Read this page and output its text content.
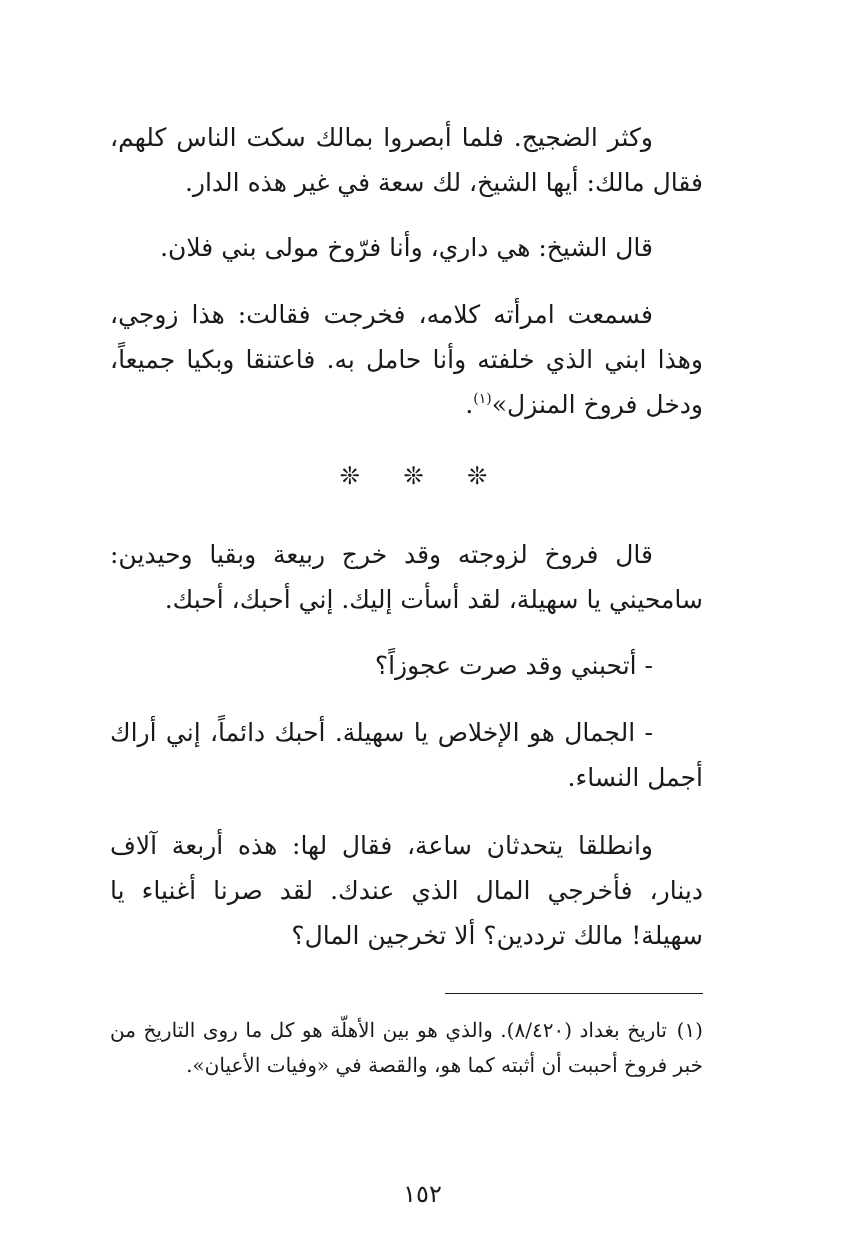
وكثر الضجيج. فلما أبصروا بمالك سكت الناس كلهم، فقال مالك: أيها الشيخ، لك سعة في غير هذه الدار.

قال الشيخ: هي داري، وأنا فرّوخ مولى بني فلان.

فسمعت امرأته كلامه، فخرجت فقالت: هذا زوجي، وهذا ابني الذي خلفته وأنا حامل به. فاعتنقا وبكيا جميعاً، ودخل فروخ المنزل»$^{(١)}$.

❊ ❊ ❊

قال فروخ لزوجته وقد خرج ربيعة وبقيا وحيدين: سامحيني يا سهيلة، لقد أسأت إليك. إني أحبك، أحبك.

- أتحبني وقد صرت عجوزاً؟

- الجمال هو الإخلاص يا سهيلة. أحبك دائماً، إني أراك أجمل النساء.

وانطلقا يتحدثان ساعة، فقال لها: هذه أربعة آلاف دينار، فأخرجي المال الذي عندك. لقد صرنا أغنياء يا سهيلة! مالك ترددين؟ ألا تخرجين المال؟

(١)تاريخ بغداد (٨/٤٢٠). والذي هو بين الأهلّة هو كل ما روى التاريخ من خبر فروخ أحببت أن أثبته كما هو، والقصة في «وفيات الأعيان».
١٥٢
